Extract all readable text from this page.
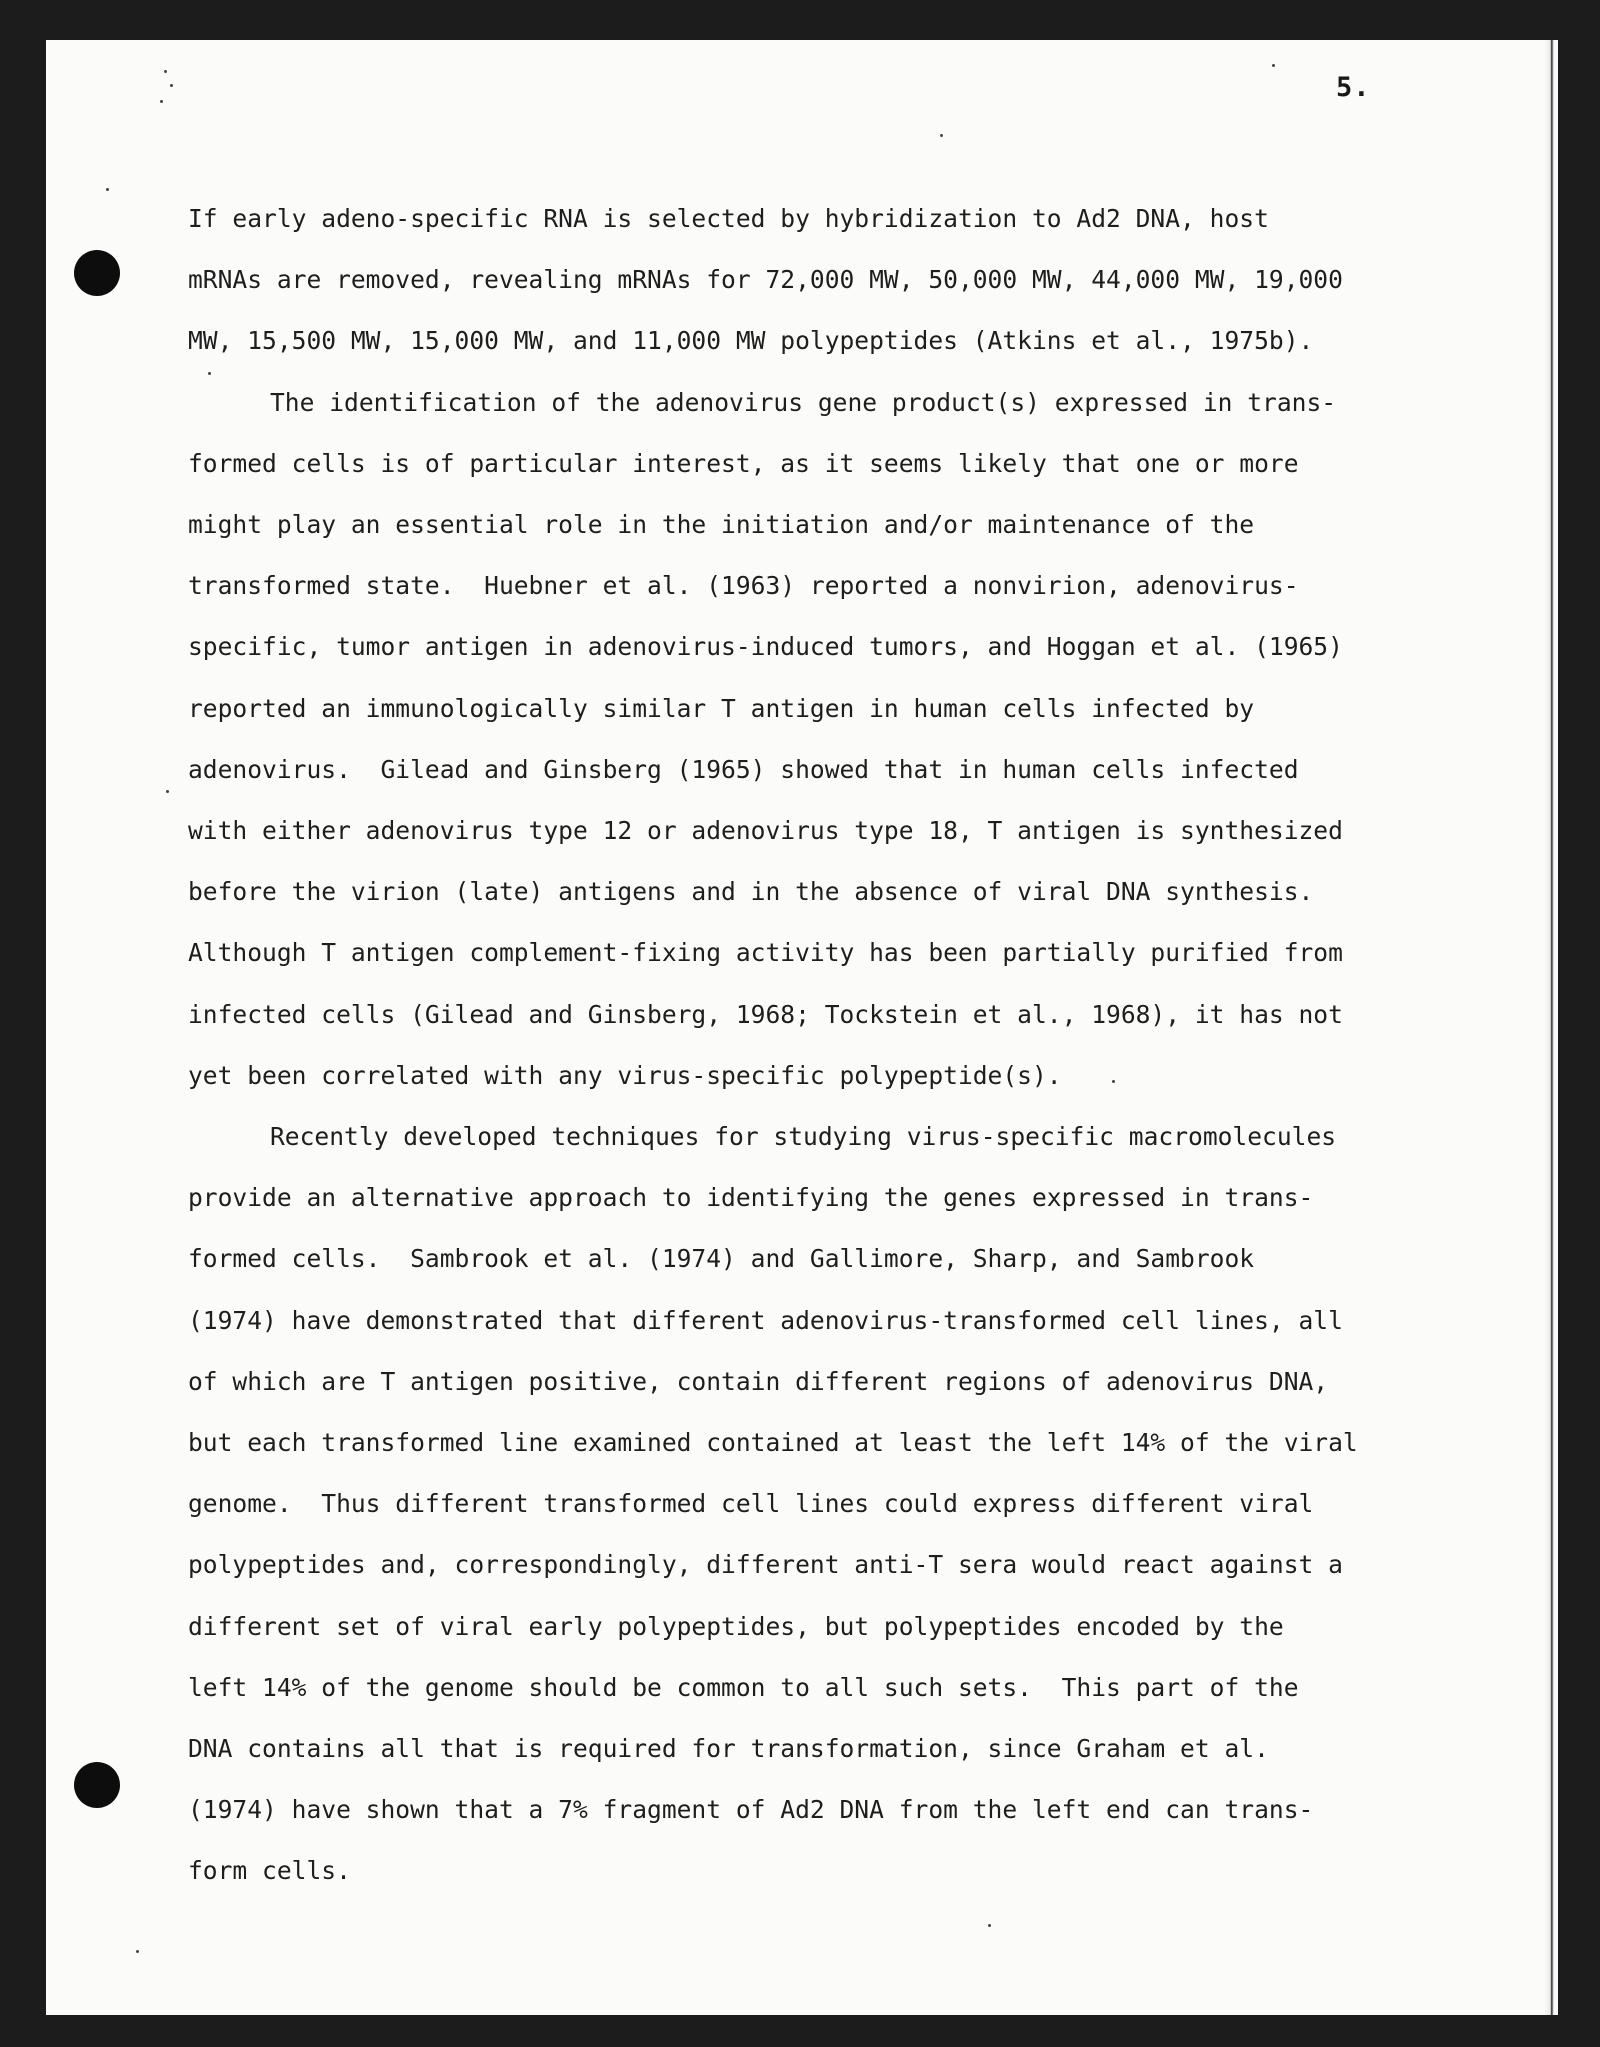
5.
If early adeno-specific RNA is selected by hybridization to Ad2 DNA, host
mRNAs are removed, revealing mRNAs for 72,000 MW, 50,000 MW, 44,000 MW, 19,000
MW, 15,500 MW, 15,000 MW, and 11,000 MW polypeptides (Atkins et al., 1975b).
The identification of the adenovirus gene product(s) expressed in trans-
formed cells is of particular interest, as it seems likely that one or more
might play an essential role in the initiation and/or maintenance of the
transformed state.  Huebner et al. (1963) reported a nonvirion, adenovirus-
specific, tumor antigen in adenovirus-induced tumors, and Hoggan et al. (1965)
reported an immunologically similar T antigen in human cells infected by
adenovirus.  Gilead and Ginsberg (1965) showed that in human cells infected
with either adenovirus type 12 or adenovirus type 18, T antigen is synthesized
before the virion (late) antigens and in the absence of viral DNA synthesis.
Although T antigen complement-fixing activity has been partially purified from
infected cells (Gilead and Ginsberg, 1968; Tockstein et al., 1968), it has not
yet been correlated with any virus-specific polypeptide(s).
Recently developed techniques for studying virus-specific macromolecules
provide an alternative approach to identifying the genes expressed in trans-
formed cells.  Sambrook et al. (1974) and Gallimore, Sharp, and Sambrook
(1974) have demonstrated that different adenovirus-transformed cell lines, all
of which are T antigen positive, contain different regions of adenovirus DNA,
but each transformed line examined contained at least the left 14% of the viral
genome.  Thus different transformed cell lines could express different viral
polypeptides and, correspondingly, different anti-T sera would react against a
different set of viral early polypeptides, but polypeptides encoded by the
left 14% of the genome should be common to all such sets.  This part of the
DNA contains all that is required for transformation, since Graham et al.
(1974) have shown that a 7% fragment of Ad2 DNA from the left end can trans-
form cells.
